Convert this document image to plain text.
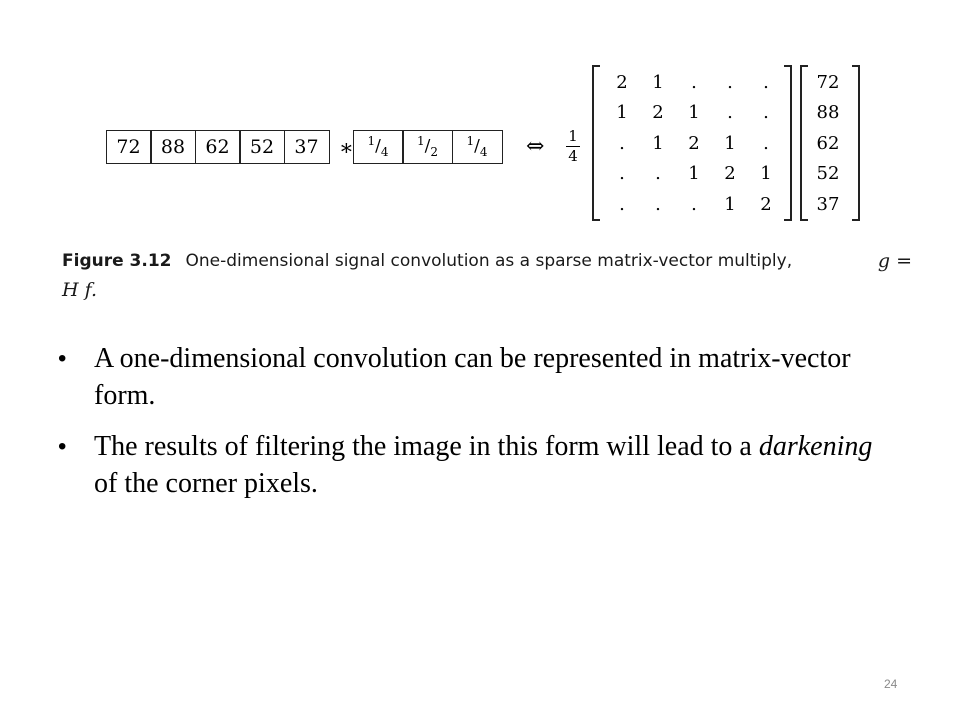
72	88	62	52	37 ∗ $^1/_4$
$^1/_2$
$^1/_4$ ⇔ 1
4
2	1	.	.	.
1	2	1	.	.
.	1	2	1	.
.	.	1	2	1
.	.	.	1	2
72
88
62
52
37
Figure 3.12 One-dimensional signal convolution as a sparse matrix-vector multiply,	g =
H f.
• A one-dimensional convolution can be represented in matrix-vector form.
• The results of filtering the image in this form will lead to a darkening of the corner pixels.
24
